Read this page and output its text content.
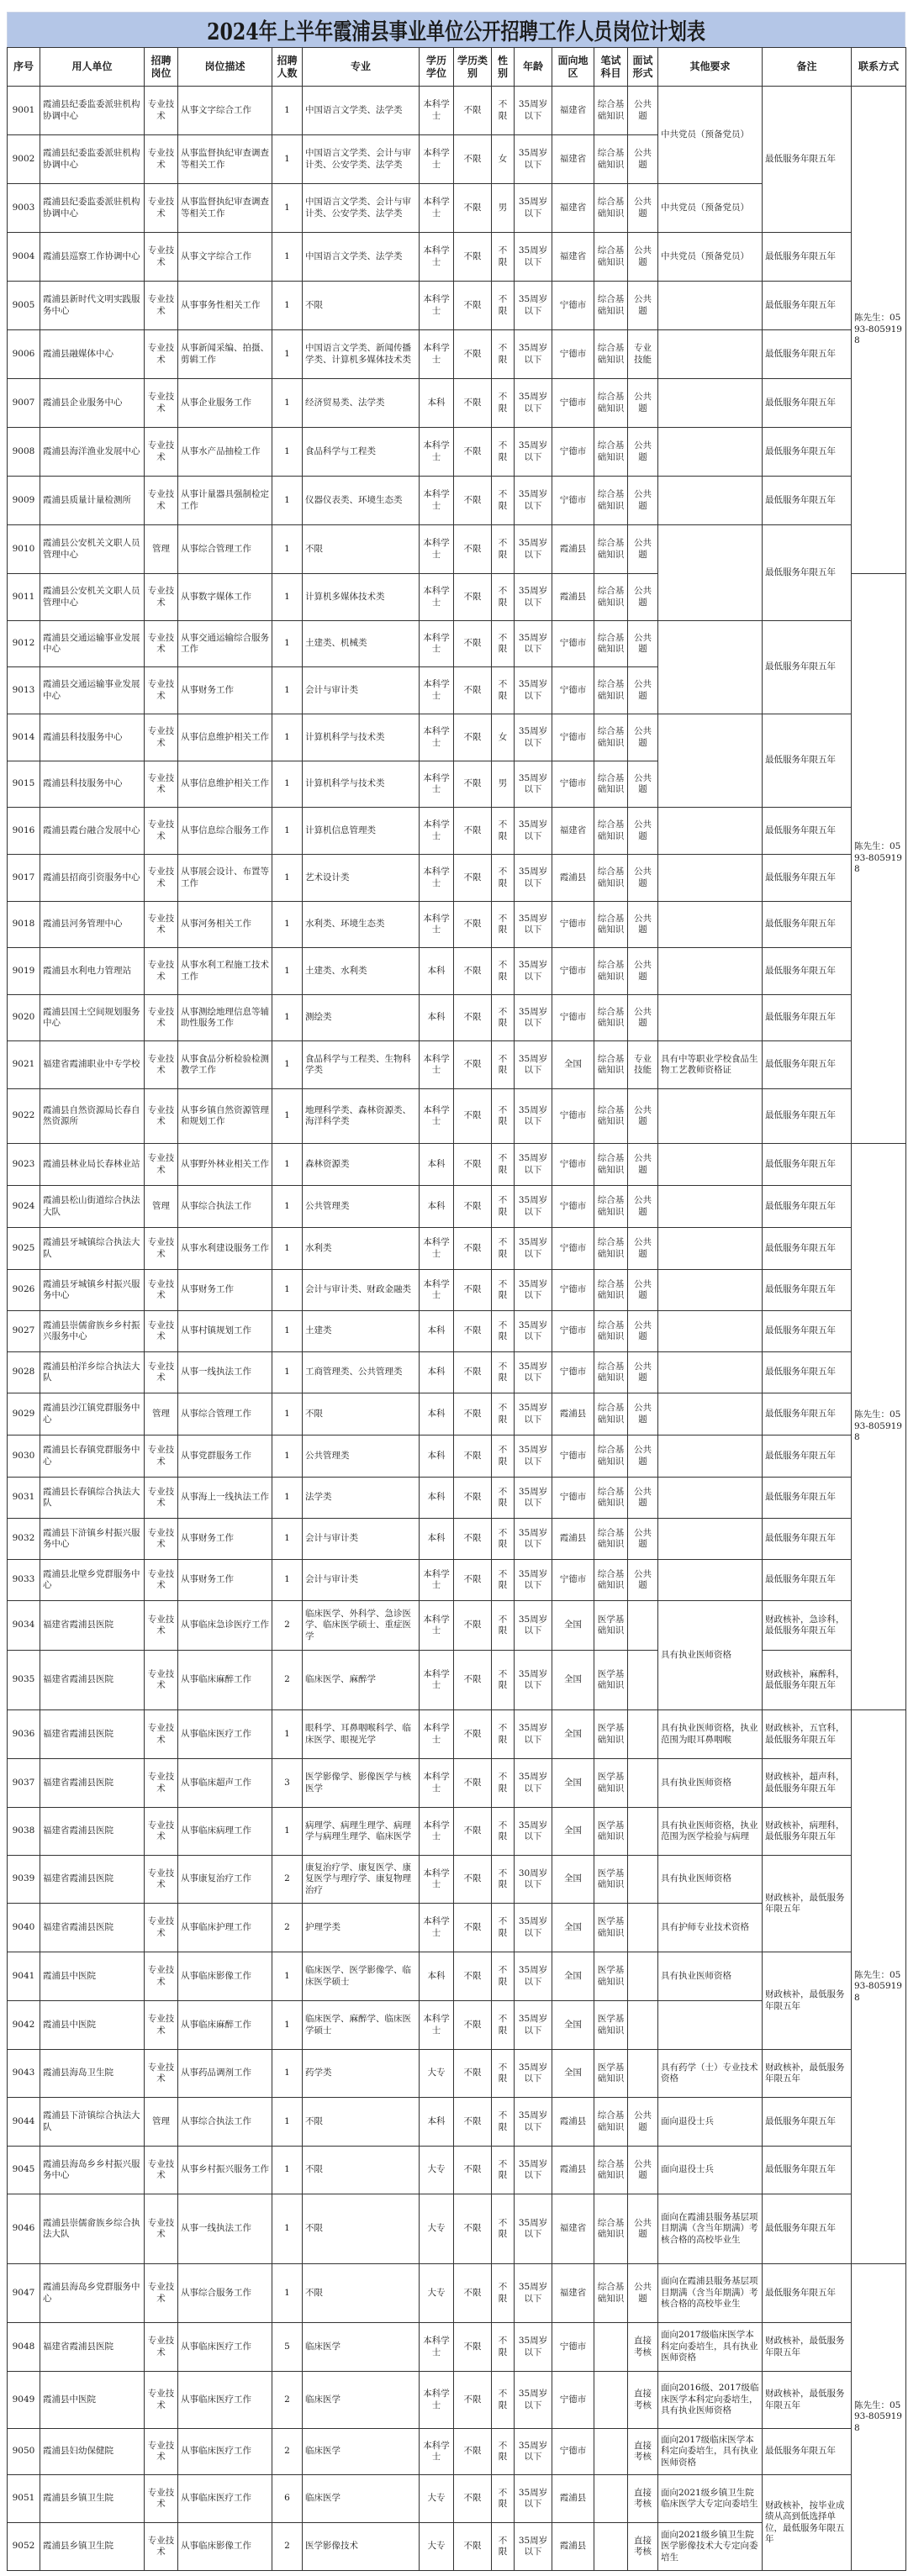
2024年上半年霞浦县事业单位公开招聘工作人员岗位计划表
序号	用人单位	招聘岗位	岗位描述	招聘人数	专业	学历学位	学历类别	性别	年龄	面向地区	笔试科目	面试形式	其他要求	备注	联系方式
9001	霞浦县纪委监委派驻机构协调中心	专业技术	从事文字综合工作	1	中国语言文学类、法学类	本科学士	不限	不限	35周岁以下	福建省	综合基础知识	公共题	中共党员（预备党员）	最低服务年限五年	陈先生：0593-8059198
9002	霞浦县纪委监委派驻机构协调中心	专业技术	从事监督执纪审查调查等相关工作	1	中国语言文学类、会计与审计类、公安学类、法学类	本科学士	不限	女	35周岁以下	福建省	综合基础知识	公共题			
9003	霞浦县纪委监委派驻机构协调中心	专业技术	从事监督执纪审查调查等相关工作	1	中国语言文学类、会计与审计类、公安学类、法学类	本科学士	不限	男	35周岁以下	福建省	综合基础知识	公共题	中共党员（预备党员）		
9004	霞浦县巡察工作协调中心	专业技术	从事文字综合工作	1	中国语言文学类、法学类	本科学士	不限	不限	35周岁以下	福建省	综合基础知识	公共题	中共党员（预备党员）	最低服务年限五年	
9005	霞浦县新时代文明实践服务中心	专业技术	从事事务性相关工作	1	不限	本科学士	不限	不限	35周岁以下	宁德市	综合基础知识	公共题		最低服务年限五年	
9006	霞浦县融媒体中心	专业技术	从事新闻采编、拍摄、剪辑工作	1	中国语言文学类、新闻传播学类、计算机多媒体技术类	本科学士	不限	不限	35周岁以下	宁德市	综合基础知识	专业技能		最低服务年限五年	
9007	霞浦县企业服务中心	专业技术	从事企业服务工作	1	经济贸易类、法学类	本科	不限	不限	35周岁以下	宁德市	综合基础知识	公共题		最低服务年限五年	
9008	霞浦县海洋渔业发展中心	专业技术	从事水产品抽检工作	1	食品科学与工程类	本科学士	不限	不限	35周岁以下	宁德市	综合基础知识	公共题		最低服务年限五年	
9009	霞浦县质量计量检测所	专业技术	从事计量器具强制检定工作	1	仪器仪表类、环境生态类	本科学士	不限	不限	35周岁以下	宁德市	综合基础知识	公共题		最低服务年限五年	
9010	霞浦县公安机关文职人员管理中心	管理	从事综合管理工作	1	不限	本科学士	不限	不限	35周岁以下	霞浦县	综合基础知识	公共题		最低服务年限五年	
9011	霞浦县公安机关文职人员管理中心	专业技术	从事数字媒体工作	1	计算机多媒体技术类	本科学士	不限	不限	35周岁以下	霞浦县	综合基础知识	公共题			陈先生：0593-8059198
9012	霞浦县交通运输事业发展中心	专业技术	从事交通运输综合服务工作	1	土建类、机械类	本科学士	不限	不限	35周岁以下	宁德市	综合基础知识	公共题		最低服务年限五年	
9013	霞浦县交通运输事业发展中心	专业技术	从事财务工作	1	会计与审计类	本科学士	不限	不限	35周岁以下	宁德市	综合基础知识	公共题			
9014	霞浦县科技服务中心	专业技术	从事信息维护相关工作	1	计算机科学与技术类	本科学士	不限	女	35周岁以下	宁德市	综合基础知识	公共题		最低服务年限五年	
9015	霞浦县科技服务中心	专业技术	从事信息维护相关工作	1	计算机科学与技术类	本科学士	不限	男	35周岁以下	宁德市	综合基础知识	公共题			
9016	霞浦县霞台融合发展中心	专业技术	从事信息综合服务工作	1	计算机信息管理类	本科学士	不限	不限	35周岁以下	福建省	综合基础知识	公共题		最低服务年限五年	
9017	霞浦县招商引资服务中心	专业技术	从事展会设计、布置等工作	1	艺术设计类	本科学士	不限	不限	35周岁以下	霞浦县	综合基础知识	公共题		最低服务年限五年	
9018	霞浦县河务管理中心	专业技术	从事河务相关工作	1	水利类、环境生态类	本科学士	不限	不限	35周岁以下	宁德市	综合基础知识	公共题		最低服务年限五年	
9019	霞浦县水利电力管理站	专业技术	从事水利工程施工技术工作	1	土建类、水利类	本科	不限	不限	35周岁以下	宁德市	综合基础知识	公共题		最低服务年限五年	
9020	霞浦县国土空间规划服务中心	专业技术	从事测绘地理信息等辅助性服务工作	1	测绘类	本科	不限	不限	35周岁以下	宁德市	综合基础知识	公共题		最低服务年限五年	
9021	福建省霞浦职业中专学校	专业技术	从事食品分析检验检测教学工作	1	食品科学与工程类、生物科学类	本科学士	不限	不限	35周岁以下	全国	综合基础知识	专业技能	具有中等职业学校食品生物工艺教师资格证	最低服务年限五年	
9022	霞浦县自然资源局长春自然资源所	专业技术	从事乡镇自然资源管理和规划工作	1	地理科学类、森林资源类、海洋科学类	本科学士	不限	不限	35周岁以下	宁德市	综合基础知识	公共题		最低服务年限五年	
9023	霞浦县林业局长春林业站	专业技术	从事野外林业相关工作	1	森林资源类	本科	不限	不限	35周岁以下	宁德市	综合基础知识	公共题		最低服务年限五年	陈先生：0593-8059198
9024	霞浦县松山街道综合执法大队	管理	从事综合执法工作	1	公共管理类	本科	不限	不限	35周岁以下	宁德市	综合基础知识	公共题		最低服务年限五年	
9025	霞浦县牙城镇综合执法大队	专业技术	从事水利建设服务工作	1	水利类	本科学士	不限	不限	35周岁以下	宁德市	综合基础知识	公共题		最低服务年限五年	
9026	霞浦县牙城镇乡村振兴服务中心	专业技术	从事财务工作	1	会计与审计类、财政金融类	本科学士	不限	不限	35周岁以下	宁德市	综合基础知识	公共题		最低服务年限五年	
9027	霞浦县崇儒畲族乡乡村振兴服务中心	专业技术	从事村镇规划工作	1	土建类	本科	不限	不限	35周岁以下	宁德市	综合基础知识	公共题		最低服务年限五年	
9028	霞浦县柏洋乡综合执法大队	专业技术	从事一线执法工作	1	工商管理类、公共管理类	本科	不限	不限	35周岁以下	宁德市	综合基础知识	公共题		最低服务年限五年	
9029	霞浦县沙江镇党群服务中心	管理	从事综合管理工作	1	不限	本科	不限	不限	35周岁以下	霞浦县	综合基础知识	公共题		最低服务年限五年	
9030	霞浦县长春镇党群服务中心	专业技术	从事党群服务工作	1	公共管理类	本科	不限	不限	35周岁以下	宁德市	综合基础知识	公共题		最低服务年限五年	
9031	霞浦县长春镇综合执法大队	专业技术	从事海上一线执法工作	1	法学类	本科	不限	不限	35周岁以下	宁德市	综合基础知识	公共题		最低服务年限五年	
9032	霞浦县下浒镇乡村振兴服务中心	专业技术	从事财务工作	1	会计与审计类	本科	不限	不限	35周岁以下	霞浦县	综合基础知识	公共题		最低服务年限五年	
9033	霞浦县北壁乡党群服务中心	专业技术	从事财务工作	1	会计与审计类	本科学士	不限	不限	35周岁以下	宁德市	综合基础知识	公共题		最低服务年限五年	
9034	福建省霞浦县医院	专业技术	从事临床急诊医疗工作	2	临床医学、外科学、急诊医学、临床医学硕士、重症医学	本科学士	不限	不限	35周岁以下	全国	医学基础知识		具有执业医师资格	财政核补，急诊科，最低服务年限五年	
9035	福建省霞浦县医院	专业技术	从事临床麻醉工作	2	临床医学、麻醉学	本科学士	不限	不限	35周岁以下	全国	医学基础知识			财政核补，麻醉科，最低服务年限五年	
9036	福建省霞浦县医院	专业技术	从事临床医疗工作	1	眼科学、耳鼻咽喉科学、临床医学、眼视光学	本科学士	不限	不限	35周岁以下	全国	医学基础知识		具有执业医师资格，执业范围为眼耳鼻咽喉	财政核补，五官科，最低服务年限五年	陈先生：0593-8059198
9037	福建省霞浦县医院	专业技术	从事临床超声工作	3	医学影像学、影像医学与核医学	本科学士	不限	不限	35周岁以下	全国	医学基础知识		具有执业医师资格	财政核补，超声科，最低服务年限五年	
9038	福建省霞浦县医院	专业技术	从事临床病理工作	1	病理学、病理生理学、病理学与病理生理学、临床医学	本科学士	不限	不限	35周岁以下	全国	医学基础知识		具有执业医师资格，执业范围为医学检验与病理	财政核补，病理科，最低服务年限五年	
9039	福建省霞浦县医院	专业技术	从事康复治疗工作	2	康复治疗学、康复医学、康复医学与理疗学、康复物理治疗	本科学士	不限	不限	30周岁以下	全国	医学基础知识		具有执业医师资格	财政核补，最低服务年限五年	
9040	福建省霞浦县医院	专业技术	从事临床护理工作	2	护理学类	本科学士	不限	不限	35周岁以下	全国	医学基础知识		具有护师专业技术资格		
9041	霞浦县中医院	专业技术	从事临床影像工作	1	临床医学、医学影像学、临床医学硕士	本科	不限	不限	35周岁以下	全国	医学基础知识		具有执业医师资格	财政核补，最低服务年限五年	
9042	霞浦县中医院	专业技术	从事临床麻醉工作	1	临床医学、麻醉学、临床医学硕士	本科学士	不限	不限	35周岁以下	全国	医学基础知识				
9043	霞浦县海岛卫生院	专业技术	从事药品调剂工作	1	药学类	大专	不限	不限	35周岁以下	全国	医学基础知识		具有药学（士）专业技术资格	财政核补，最低服务年限五年	
9044	霞浦县下浒镇综合执法大队	管理	从事综合执法工作	1	不限	本科	不限	不限	35周岁以下	霞浦县	综合基础知识	公共题	面向退役士兵	最低服务年限五年	
9045	霞浦县海岛乡乡村振兴服务中心	专业技术	从事乡村振兴服务工作	1	不限	大专	不限	不限	35周岁以下	霞浦县	综合基础知识	公共题	面向退役士兵	最低服务年限五年	
9046	霞浦县崇儒畲族乡综合执法大队	专业技术	从事一线执法工作	1	不限	大专	不限	不限	35周岁以下	福建省	综合基础知识	公共题	面向在霞浦县服务基层项目期满（含当年期满）考核合格的高校毕业生	最低服务年限五年	
9047	霞浦县海岛乡党群服务中心	专业技术	从事综合服务工作	1	不限	大专	不限	不限	35周岁以下	福建省	综合基础知识	公共题	面向在霞浦县服务基层项目期满（含当年期满）考核合格的高校毕业生	最低服务年限五年	陈先生：0593-8059198
9048	福建省霞浦县医院	专业技术	从事临床医疗工作	5	临床医学	本科学士	不限	不限	35周岁以下	宁德市		直接考核	面向2017级临床医学本科定向委培生，具有执业医师资格	财政核补，最低服务年限五年	
9049	霞浦县中医院	专业技术	从事临床医疗工作	2	临床医学	本科学士	不限	不限	35周岁以下	宁德市		直接考核	面向2016级、2017级临床医学本科定向委培生，具有执业医师资格	财政核补，最低服务年限五年	
9050	霞浦县妇幼保健院	专业技术	从事临床医疗工作	2	临床医学	本科学士	不限	不限	35周岁以下	宁德市		直接考核	面向2017级临床医学本科定向委培生，具有执业医师资格	最低服务年限五年	
9051	霞浦县乡镇卫生院	专业技术	从事临床医疗工作	6	临床医学	大专	不限	不限	35周岁以下	霞浦县		直接考核	面向2021级乡镇卫生院临床医学大专定向委培生	财政核补，按毕业成绩从高到低选择单位，最低服务年限五年	
9052	霞浦县乡镇卫生院	专业技术	从事临床影像工作	2	医学影像技术	大专	不限	不限	35周岁以下	霞浦县		直接考核	面向2021级乡镇卫生院医学影像技术大专定向委培生		
